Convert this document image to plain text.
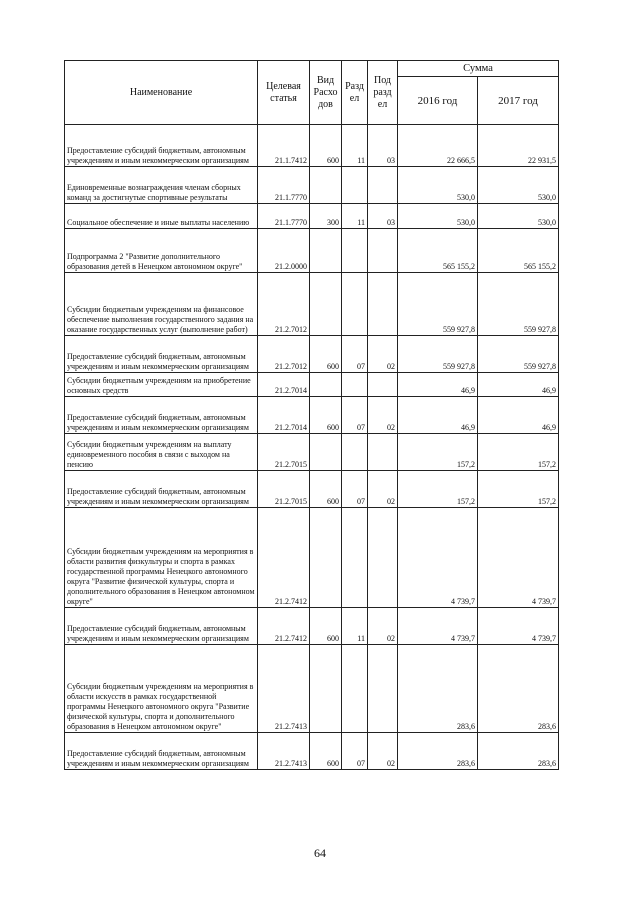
Наименование	Целевая статья	Вид Расхо дов	Разд ел	Под разд ел	Сумма	
					2016 год	2017 год
Предоставление субсидий бюджетным, автономным учреждениям и иным некоммерческим организациям	21.1.7412	600	11	03	22 666,5	22 931,5
Единовременные вознаграждения членам сборных команд за достигнутые спортивные результаты	21.1.7770				530,0	530,0
Социальное обеспечение и иные выплаты населению	21.1.7770	300	11	03	530,0	530,0
Подпрограмма 2 "Развитие дополнительного образования детей в Ненецком автономном округе"	21.2.0000				565 155,2	565 155,2
Субсидии бюджетным учреждениям на финансовое обеспечение выполнения государственного задания на оказание государственных услуг (выполнение работ)	21.2.7012				559 927,8	559 927,8
Предоставление субсидий бюджетным, автономным учреждениям и иным некоммерческим организациям	21.2.7012	600	07	02	559 927,8	559 927,8
Субсидии бюджетным учреждениям на приобретение основных средств	21.2.7014				46,9	46,9
Предоставление субсидий бюджетным, автономным учреждениям и иным некоммерческим организациям	21.2.7014	600	07	02	46,9	46,9
Субсидии бюджетным учреждениям на выплату единовременного пособия в связи с выходом на пенсию	21.2.7015				157,2	157,2
Предоставление субсидий бюджетным, автономным учреждениям и иным некоммерческим организациям	21.2.7015	600	07	02	157,2	157,2
Субсидии бюджетным учреждениям на мероприятия в области развития физкультуры и спорта в рамках государственной программы Ненецкого автономного округа "Развитие физической культуры, спорта и дополнительного образования в Ненецком автономном округе"	21.2.7412				4 739,7	4 739,7
Предоставление субсидий бюджетным, автономным учреждениям и иным некоммерческим организациям	21.2.7412	600	11	02	4 739,7	4 739,7
Субсидии бюджетным учреждениям на мероприятия в области искусств в рамках государственной программы Ненецкого автономного округа "Развитие физической культуры, спорта и дополнительного образования в Ненецком автономном округе"	21.2.7413				283,6	283,6
Предоставление субсидий бюджетным, автономным учреждениям и иным некоммерческим организациям	21.2.7413	600	07	02	283,6	283,6
64
